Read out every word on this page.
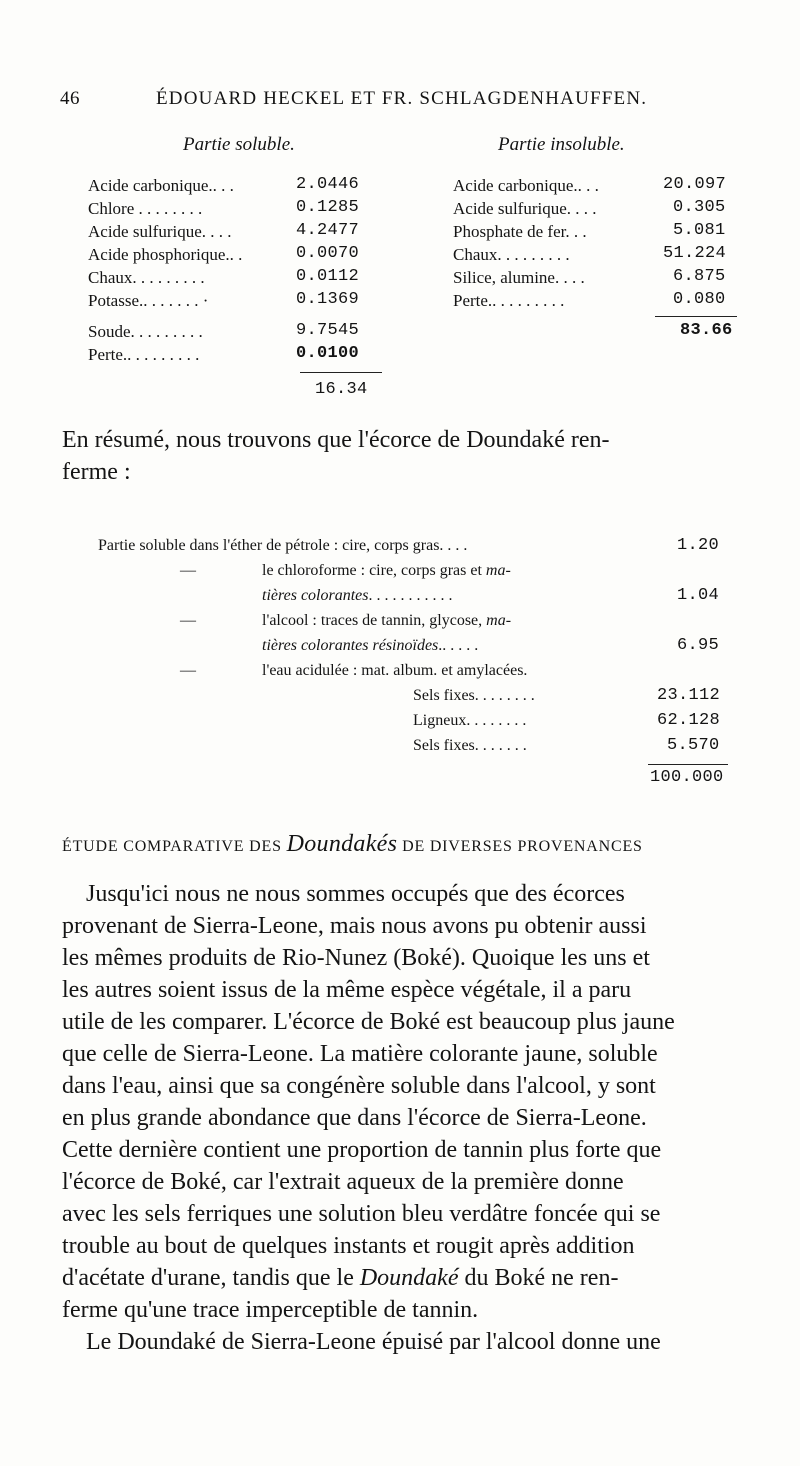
46	ÉDOUARD HECKEL ET FR. SCHLAGDENHAUFFEN.
Partie soluble.	Partie insoluble.
Acide carbonique.. . .	2.0446
Chlore . . . . . . . .	0.1285
Acide sulfurique. . . .	4.2477
Acide phosphorique.. .	0.0070
Chaux. . . . . . . . .	0.0112
Potasse.. . . . . . . ·	0.1369
Soude. . . . . . . . .	9.7545
Perte.. . . . . . . . .	0.0100
16.34
Acide carbonique.. . .	20.097
Acide sulfurique. . . .	0.305
Phosphate de fer. . .	5.081
Chaux. . . . . . . . .	51.224
Silice, alumine. . . .	6.875
Perte.. . . . . . . . .	0.080
83.66
En résumé, nous trouvons que l'écorce de Doundaké ren-
ferme :
Partie soluble dans l'éther de pétrole : cire, corps gras. . . .	1.20
—	le chloroforme : cire, corps gras et ma-
tières colorantes. . . . . . . . . . .	1.04
—	l'alcool : traces de tannin, glycose, ma-
tières colorantes résinoïdes.. . . . .	6.95
—	l'eau acidulée : mat. album. et amylacées.
Sels fixes. . . . . . . .	23.112
Ligneux. . . . . . . .	62.128
Sels fixes. . . . . . .	5.570
100.000
ÉTUDE COMPARATIVE DES Doundakés DE DIVERSES PROVENANCES
Jusqu'ici nous ne nous sommes occupés que des écorces
provenant de Sierra-Leone, mais nous avons pu obtenir aussi
les mêmes produits de Rio-Nunez (Boké). Quoique les uns et
les autres soient issus de la même espèce végétale, il a paru
utile de les comparer. L'écorce de Boké est beaucoup plus jaune
que celle de Sierra-Leone. La matière colorante jaune, soluble
dans l'eau, ainsi que sa congénère soluble dans l'alcool, y sont
en plus grande abondance que dans l'écorce de Sierra-Leone.
Cette dernière contient une proportion de tannin plus forte que
l'écorce de Boké, car l'extrait aqueux de la première donne
avec les sels ferriques une solution bleu verdâtre foncée qui se
trouble au bout de quelques instants et rougit après addition
d'acétate d'urane, tandis que le Doundaké du Boké ne ren-
ferme qu'une trace imperceptible de tannin.
Le Doundaké de Sierra-Leone épuisé par l'alcool donne une
